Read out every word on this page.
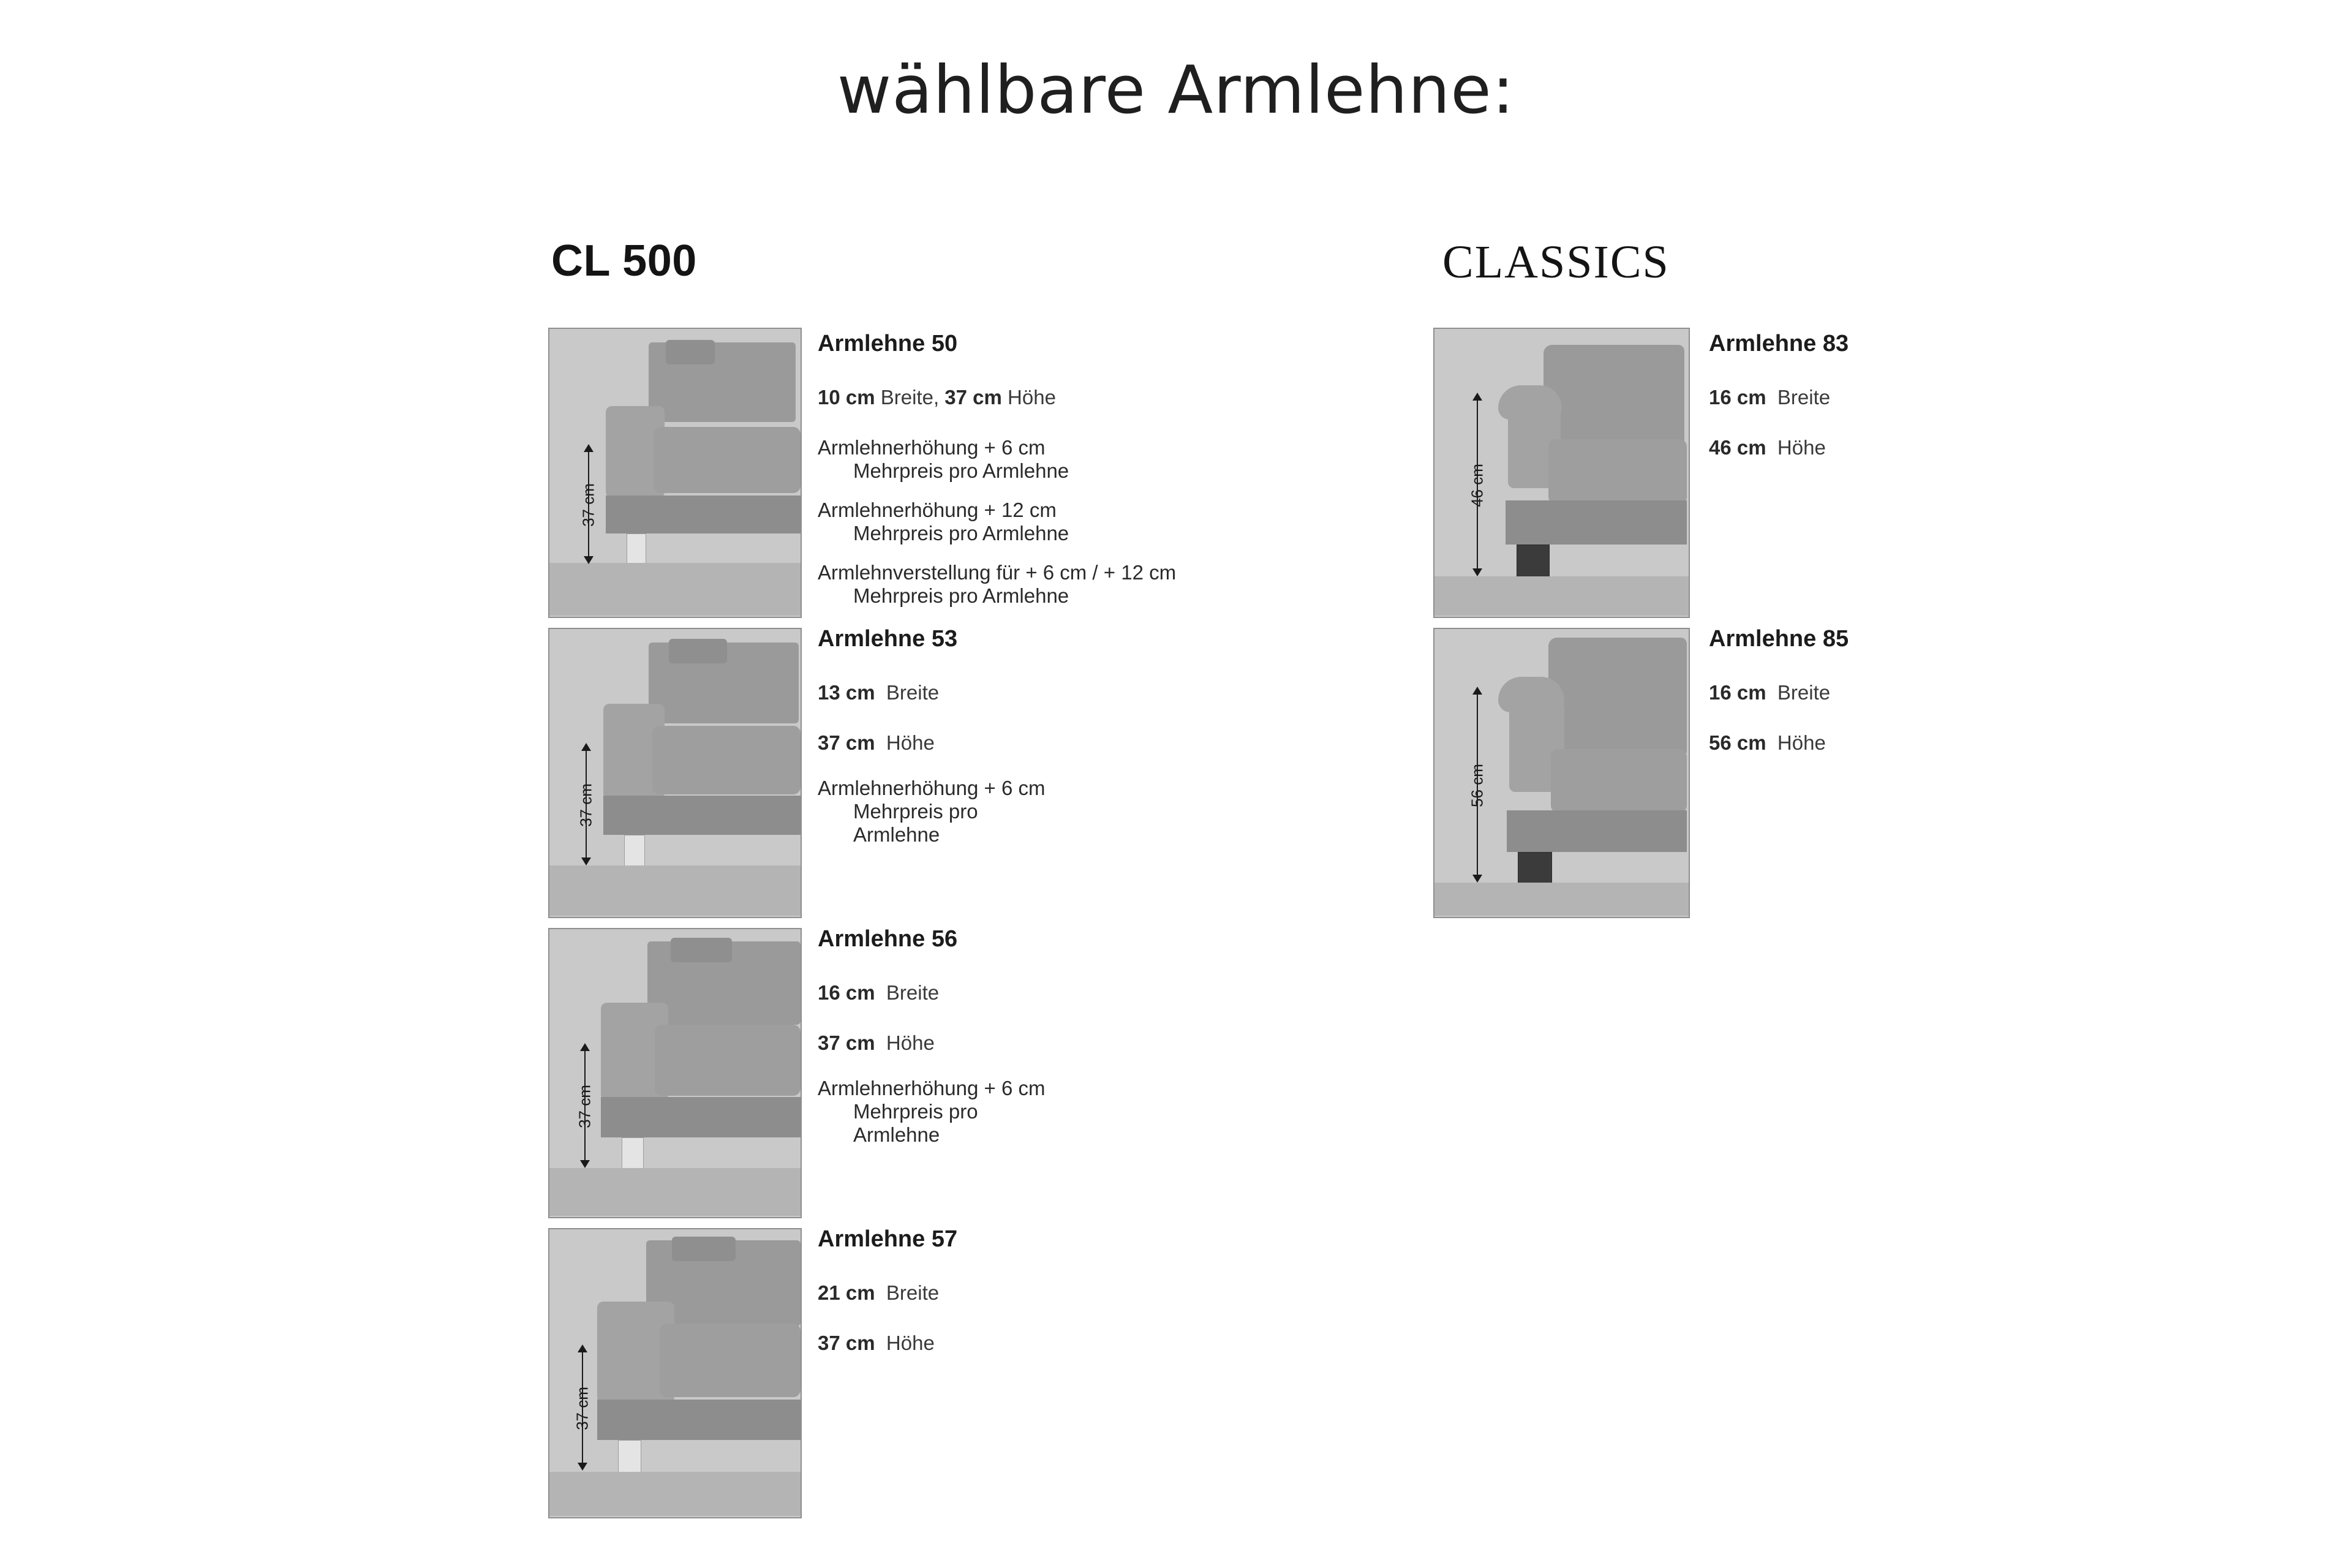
wählbare Armlehne:
CL 500	CLASSICS
37 cm
Armlehne 50
10 cm Breite, 37 cm Höhe
Armlehnerhöhung + 6 cm
Mehrpreis pro Armlehne
Armlehnerhöhung + 12 cm
Mehrpreis pro Armlehne
Armlehnverstellung für + 6 cm / + 12 cm
Mehrpreis pro Armlehne
37 cm
Armlehne 53
13 cm Breite
37 cm Höhe
Armlehnerhöhung + 6 cm
Mehrpreis pro
Armlehne
37 cm
Armlehne 56
16 cm Breite
37 cm Höhe
Armlehnerhöhung + 6 cm
Mehrpreis pro
Armlehne
37 cm
Armlehne 57
21 cm Breite
37 cm Höhe
46 cm
Armlehne 83
16 cm Breite
46 cm Höhe
56 cm
Armlehne 85
16 cm Breite
56 cm Höhe
